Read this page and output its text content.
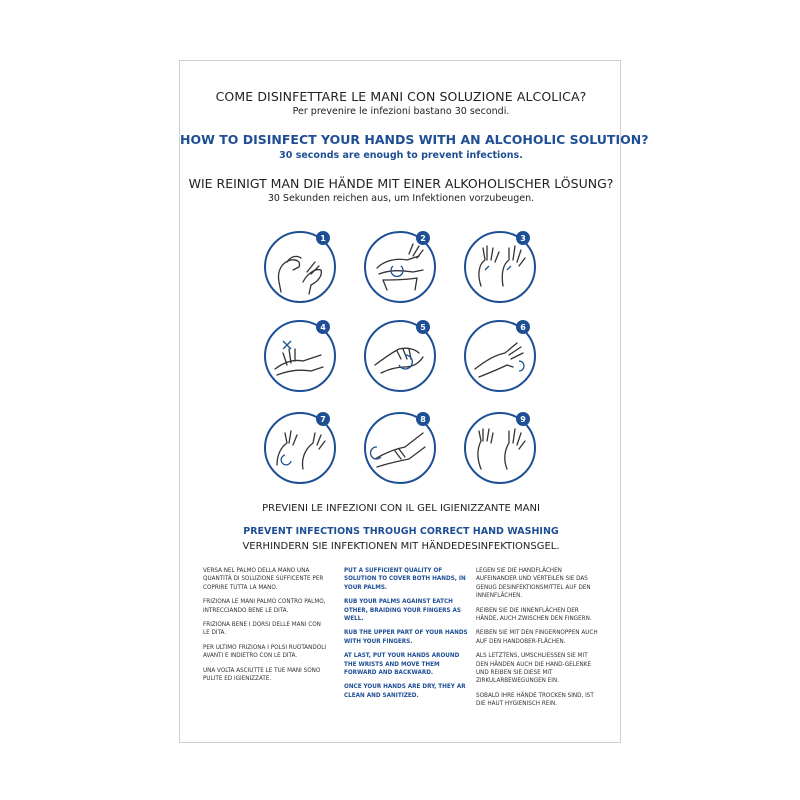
COME DISINFETTARE LE MANI CON SOLUZIONE ALCOLICA?
Per prevenire le infezioni bastano 30 secondi.
HOW TO DISINFECT YOUR HANDS WITH AN ALCOHOLIC SOLUTION?
30 seconds are enough to prevent infections.
WIE REINIGT MAN DIE HÄNDE MIT EINER ALKOHOLISCHER LÖSUNG?
30 Sekunden reichen aus, um Infektionen vorzubeugen.
1	2	3
4	5	6
7	8	9
PREVIENI LE INFEZIONI CON IL GEL IGIENIZZANTE MANI
PREVENT INFECTIONS THROUGH CORRECT HAND WASHING
VERHINDERN SIE INFEKTIONEN MIT HÄNDEDESINFEKTIONSGEL.

VERSA NEL PALMO DELLA MANO UNA QUANTITÀ DI SOLUZIONE SUFFICENTE PER COPRIRE TUTTA LA MANO.

FRIZIONA LE MANI PALMO CONTRO PALMO, INTRECCIANDO BENE LE DITA.

FRIZIONA BENE I DORSI DELLE MANI CON LE DITA.

PER ULTIMO FRIZIONA I POLSI RUOTANDOLI AVANTI E INDIETRO CON LE DITA.

UNA VOLTA ASCIUTTE LE TUE MANI SONO PULITE ED IGIENIZZATE.

PUT A SUFFICIENT QUALITY OF SOLUTION TO COVER BOTH HANDS, IN YOUR PALMS.

RUB YOUR PALMS AGAINST EATCH OTHER, BRAIDING YOUR FINGERS AS WELL.

RUB THE UPPER PART OF YOUR HANDS WITH YOUR FINGERS.

AT LAST, PUT YOUR HANDS AROUND THE WRISTS AND MOVE THEM FORWARD AND BACKWARD.

ONCE YOUR HANDS ARE DRY, THEY AR CLEAN AND SANITIZED.

LEGEN SIE DIE HANDFLÄCHEN AUFEINANDER UND VERTEILEN SIE DAS GENUG DESINFEKTIONSMITTEL AUF DEN INNENFLÄCHEN.

REIBEN SIE DIE INNENFLÄCHEN DER HÄNDE, AUCH ZWISCHEN DEN FINGERN.

REIBEN SIE MIT DEN FINGERNOPPEN AUCH AUF DEN HANDOBER-FLÄCHEN.

ALS LETZTENS, UMSCHLIESSEN SIE MIT DEN HÄNDEN AUCH DIE HAND-GELENKE UND REIBEN SIE DIESE MIT ZIRKULARBEWEGUNGEN EIN.

SOBALD IHRE HÄNDE TROCKEN SIND, IST DIE HAUT HYGIENISCH REIN.
